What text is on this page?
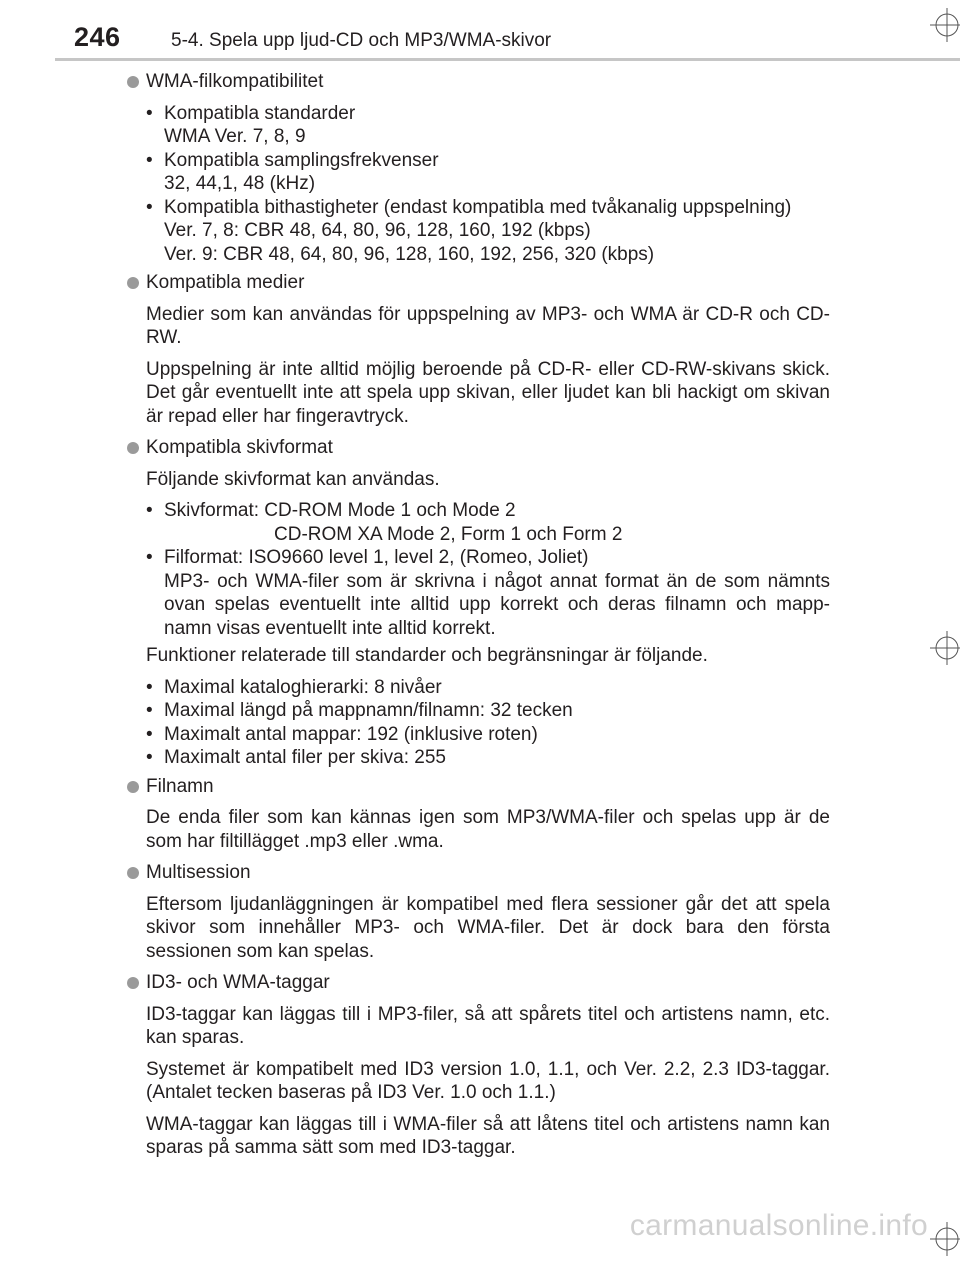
246	5-4. Spela upp ljud-CD och MP3/WMA-skivor
WMA-filkompatibilitet
• Kompatibla standarder
WMA Ver. 7, 8, 9
• Kompatibla samplingsfrekvenser
32, 44,1, 48 (kHz)
• Kompatibla bithastigheter (endast kompatibla med tvåkanalig uppspelning)
Ver. 7, 8: CBR 48, 64, 80, 96, 128, 160, 192 (kbps)
Ver. 9: CBR 48, 64, 80, 96, 128, 160, 192, 256, 320 (kbps)
Kompatibla medier

Medier som kan användas för uppspelning av MP3- och WMA är CD-R och CD-RW.

Uppspelning är inte alltid möjlig beroende på CD-R- eller CD-RW-skivans skick. Det går eventuellt inte att spela upp skivan, eller ljudet kan bli hackigt om skivan är repad eller har fingeravtryck.

Kompatibla skivformat

Följande skivformat kan användas.

• Skivformat: CD-ROM Mode 1 och Mode 2
CD-ROM XA Mode 2, Form 1 och Form 2
• Filformat: ISO9660 level 1, level 2, (Romeo, Joliet)
MP3- och WMA-filer som är skrivna i något annat format än de som nämnts ovan spelas eventuellt inte alltid upp korrekt och deras filnamn och mapp-namn visas eventuellt inte alltid korrekt.

Funktioner relaterade till standarder och begränsningar är följande.

• Maximal kataloghierarki: 8 nivåer
• Maximal längd på mappnamn/filnamn: 32 tecken
• Maximalt antal mappar: 192 (inklusive roten)
• Maximalt antal filer per skiva: 255
Filnamn

De enda filer som kan kännas igen som MP3/WMA-filer och spelas upp är de som har filtillägget .mp3 eller .wma.

Multisession

Eftersom ljudanläggningen är kompatibel med flera sessioner går det att spela skivor som innehåller MP3- och WMA-filer. Det är dock bara den första sessionen som kan spelas.

ID3- och WMA-taggar

ID3-taggar kan läggas till i MP3-filer, så att spårets titel och artistens namn, etc. kan sparas.

Systemet är kompatibelt med ID3 version 1.0, 1.1, och Ver. 2.2, 2.3 ID3-taggar. (Antalet tecken baseras på ID3 Ver. 1.0 och 1.1.)

WMA-taggar kan läggas till i WMA-filer så att låtens titel och artistens namn kan sparas på samma sätt som med ID3-taggar.

carmanualsonline.info
